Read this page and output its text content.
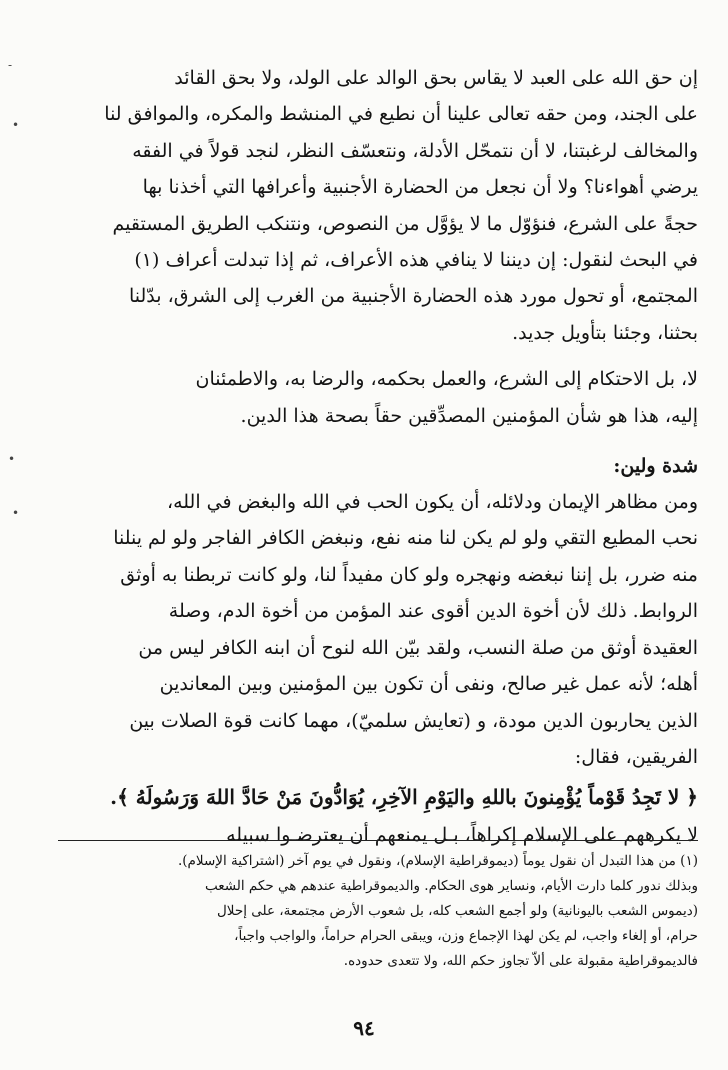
-
•
•
•

إن حق الله على العبد لا يقاس بحق الوالد على الولد، ولا بحق القائد

على الجند، ومن حقه تعالى علينا أن نطيع في المنشط والمكره، والموافق لنا

والمخالف لرغبتنا، لا أن نتمحّل الأدلة، ونتعسّف النظر، لنجد قولاً في الفقه

يرضي أهواءنا؟ ولا أن نجعل من الحضارة الأجنبية وأعرافها التي أخذنا بها

حجةً على الشرع، فنؤوّل ما لا يؤوَّل من النصوص، ونتنكب الطريق المستقيم

في البحث لنقول: إن ديننا لا ينافي هذه الأعراف، ثم إذا تبدلت أعراف (١)

المجتمع، أو تحول مورد هذه الحضارة الأجنبية من الغرب إلى الشرق، بدّلنا

بحثنا، وجئنا بتأويل جديد.

لا، بل الاحتكام إلى الشرع، والعمل بحكمه، والرضا به، والاطمئنان

إليه، هذا هو شأن المؤمنين المصدِّقين حقاً بصحة هذا الدين.

شدة ولين:

ومن مظاهر الإيمان ودلائله، أن يكون الحب في الله والبغض في الله،

نحب المطيع التقي ولو لم يكن لنا منه نفع، ونبغض الكافر الفاجر ولو لم ينلنا

منه ضرر، بل إننا نبغضه ونهجره ولو كان مفيداً لنا، ولو كانت تربطنا به أوثق

الروابط. ذلك لأن أخوة الدين أقوى عند المؤمن من أخوة الدم، وصلة

العقيدة أوثق من صلة النسب، ولقد بيّن الله لنوح أن ابنه الكافر ليس من

أهله؛ لأنه عمل غير صالح، ونفى أن تكون بين المؤمنين وبين المعاندين

الذين يحاربون الدين مودة، و (تعايش سلميّ)، مهما كانت قوة الصلات بين

الفريقين، فقال:

﴿ لا تَجِدُ قَوْماً يُؤْمِنونَ باللهِ واليَوْمِ الآخِرِ، يُوَادُّونَ مَنْ حَادَّ اللهَ وَرَسُولَهُ ﴾.

لا يكرههم على الإسلام إكراهاً، بـل يمنعهم أن يعترضـوا سبيله

(١) من هذا التبدل أن نقول يوماً (ديموقراطية الإسلام)، ونقول في يوم آخر (اشتراكية الإسلام).

وبذلك ندور كلما دارت الأيام، ونساير هوى الحكام. والديموقراطية عندهم هي حكم الشعب

(ديموس الشعب باليونانية) ولو أجمع الشعب كله، بل شعوب الأرض مجتمعة، على إحلال

حرام، أو إلغاء واجب، لم يكن لهذا الإجماع وزن، ويبقى الحرام حراماً، والواجب واجباً،

فالديموقراطية مقبولة على ألاّ تجاوز حكم الله، ولا تتعدى حدوده.

٩٤
